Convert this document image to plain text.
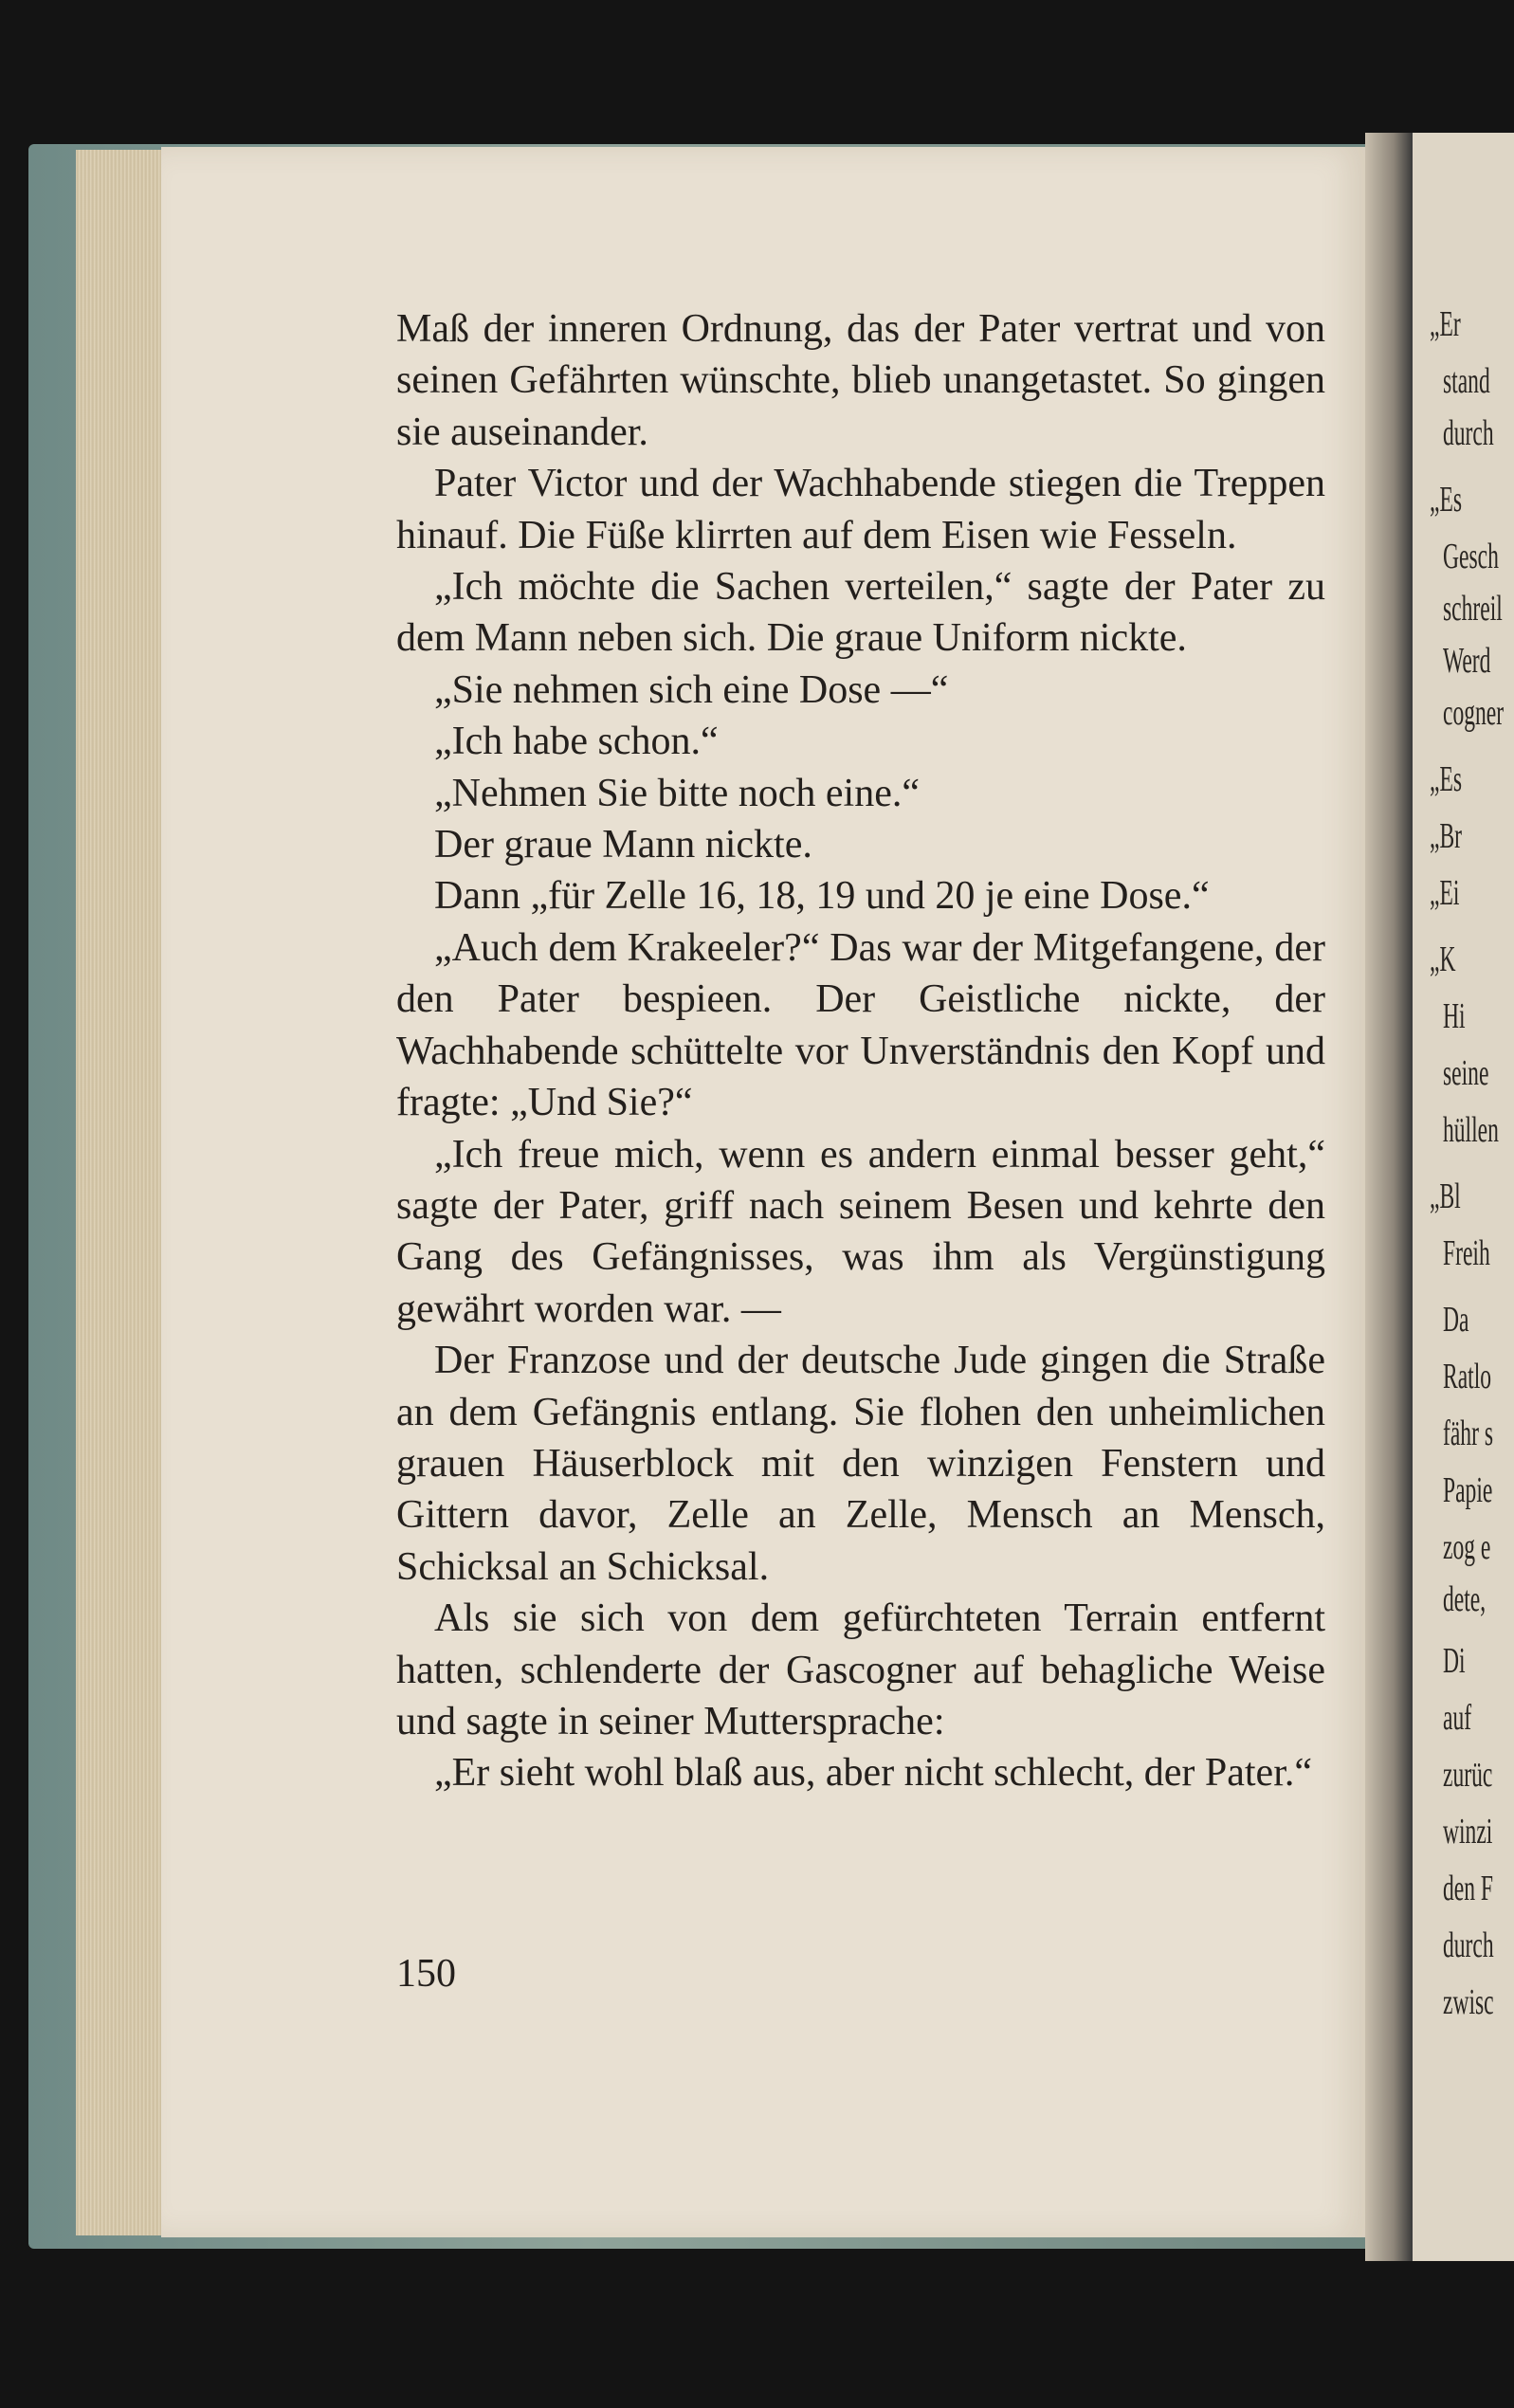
Maß der inneren Ordnung, das der Pater vertrat und von seinen Gefährten wünschte, blieb unangetastet. So gingen sie auseinander.

Pater Victor und der Wachhabende stiegen die Treppen hinauf. Die Füße klirrten auf dem Eisen wie Fesseln.

„Ich möchte die Sachen verteilen,“ sagte der Pater zu dem Mann neben sich. Die graue Uniform nickte.

„Sie nehmen sich eine Dose —“

„Ich habe schon.“

„Nehmen Sie bitte noch eine.“

Der graue Mann nickte.

Dann „für Zelle 16, 18, 19 und 20 je eine Dose.“

„Auch dem Krakeeler?“ Das war der Mitgefangene, der den Pater bespieen. Der Geistliche nickte, der Wachhabende schüttelte vor Unverständnis den Kopf und fragte: „Und Sie?“

„Ich freue mich, wenn es andern einmal besser geht,“ sagte der Pater, griff nach seinem Besen und kehrte den Gang des Gefängnisses, was ihm als Vergünstigung gewährt worden war. —

Der Franzose und der deutsche Jude gingen die Straße an dem Gefängnis entlang. Sie flohen den unheimlichen grauen Häuserblock mit den winzigen Fenstern und Gittern davor, Zelle an Zelle, Mensch an Mensch, Schicksal an Schicksal.

Als sie sich von dem gefürchteten Terrain entfernt hatten, schlenderte der Gascogner auf behagliche Weise und sagte in seiner Muttersprache:

„Er sieht wohl blaß aus, aber nicht schlecht, der Pater.“

150
„Er
stand
durch
„Es
Gesch
schreil
Werd
cogner
„Es
„Br
„Ei
„K
Hi
seine
hüllen
„Bl
Freih
Da
Ratlo
fähr s
Papie
zog e
dete,
Di
auf
zurüc
winzi
den F
durch
zwisc
